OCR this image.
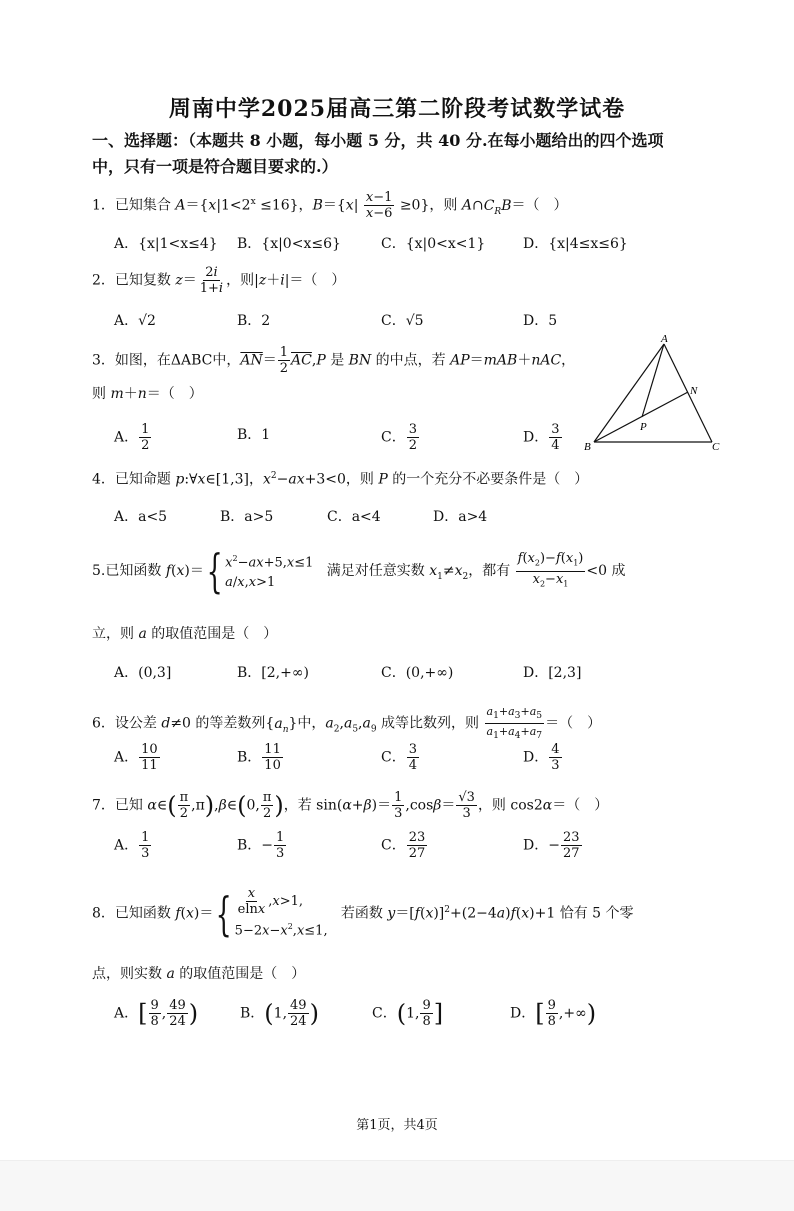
周南中学2025届高三第二阶段考试数学试卷
一、选择题：（本题共 8 小题，每小题 5 分，共 40 分.在每小题给出的四个选项中，只有一项是符合题目要求的.）
1．已知集合 $A=\{x|1<2^x \le 16\}$，$B=\{x| \frac{x-1}{x-6} \ge 0\}$，则 $A\cap C_RB=$（　）
A．{x|1<x≤4} B．{x|0<x≤6}	C．{x|0<x<1}	D．{x|4≤x≤6}
2．已知复数 $z= \frac{2i}{1+i}$ ，则|z＋i|＝（　）
A．√2	B．2	C．√5	D．5
3．如图，在ΔABC中，$\overline{AN}= \frac{1}{2} \overline{AC},P$ 是 BN 的中点，若 AP＝mAB＋nAC，
则 m＋n＝（　）
A． $\frac{1}{2}$	B．1	C． $\frac{3}{2}$	D． $\frac{3}{4}$
A
B	C
N
P
4．已知命题 p:∀x∈[1,3]，$x^2-ax+3<0$，则 P 的一个充分不必要条件是（　）
A．a<5	B．a>5	C．a<4	D．a>4
5.已知函数 f(x)＝{ $x^2-ax+5,x\le 1$
a/x,x>1
满足对任意实数 $x_1\ne x_2$，都有 $\frac{f(x_2)-f(x_1)}{x_2-x_1} <0$ 成
立，则 a 的取值范围是（　）
A．(0,3]	B．[2,+∞)	C．(0,+∞)	D．[2,3]
6．设公差 d≠0 的等差数列$\{a_n\}$中，$a_2,a_5,a_9$ 成等比数列，则 $\frac{a_1+a_3+a_5}{a_1+a_4+a_7}$ ＝（　）
A． $\frac{10}{11}$	B． $\frac{11}{10}$	C． $\frac{3}{4}$	D． $\frac{4}{3}$
7．已知 α∈( $\frac{\pi}{2}$ ,π),β∈(0, $\frac{\pi}{2}$ )，若 $\sin(\alpha+\beta)= \frac{1}{3} ,\cos\beta= \frac{√3}{3}$ ，则 cos2α＝（　）
A． $\frac{1}{3}$	B．− $\frac{1}{3}$	C． $\frac{23}{27}$	D．− $\frac{23}{27}$
8．已知函数 $f(x)=\{ \frac{x}{elnx} ,x>1$,
$5-2x-x^2,x\le 1$,
若函数 $y=[f(x)]^2+(2-4a)f(x)+1$ 恰有 5 个零
点，则实数 a 的取值范围是（　）
A．[ $\frac{9}{8}$ , $\frac{49}{24}$ )	B．(1, $\frac{49}{24}$ )	C．(1, $\frac{9}{8}$ ]	D．[ $\frac{9}{8}$ ,+∞)
第1页，共4页
